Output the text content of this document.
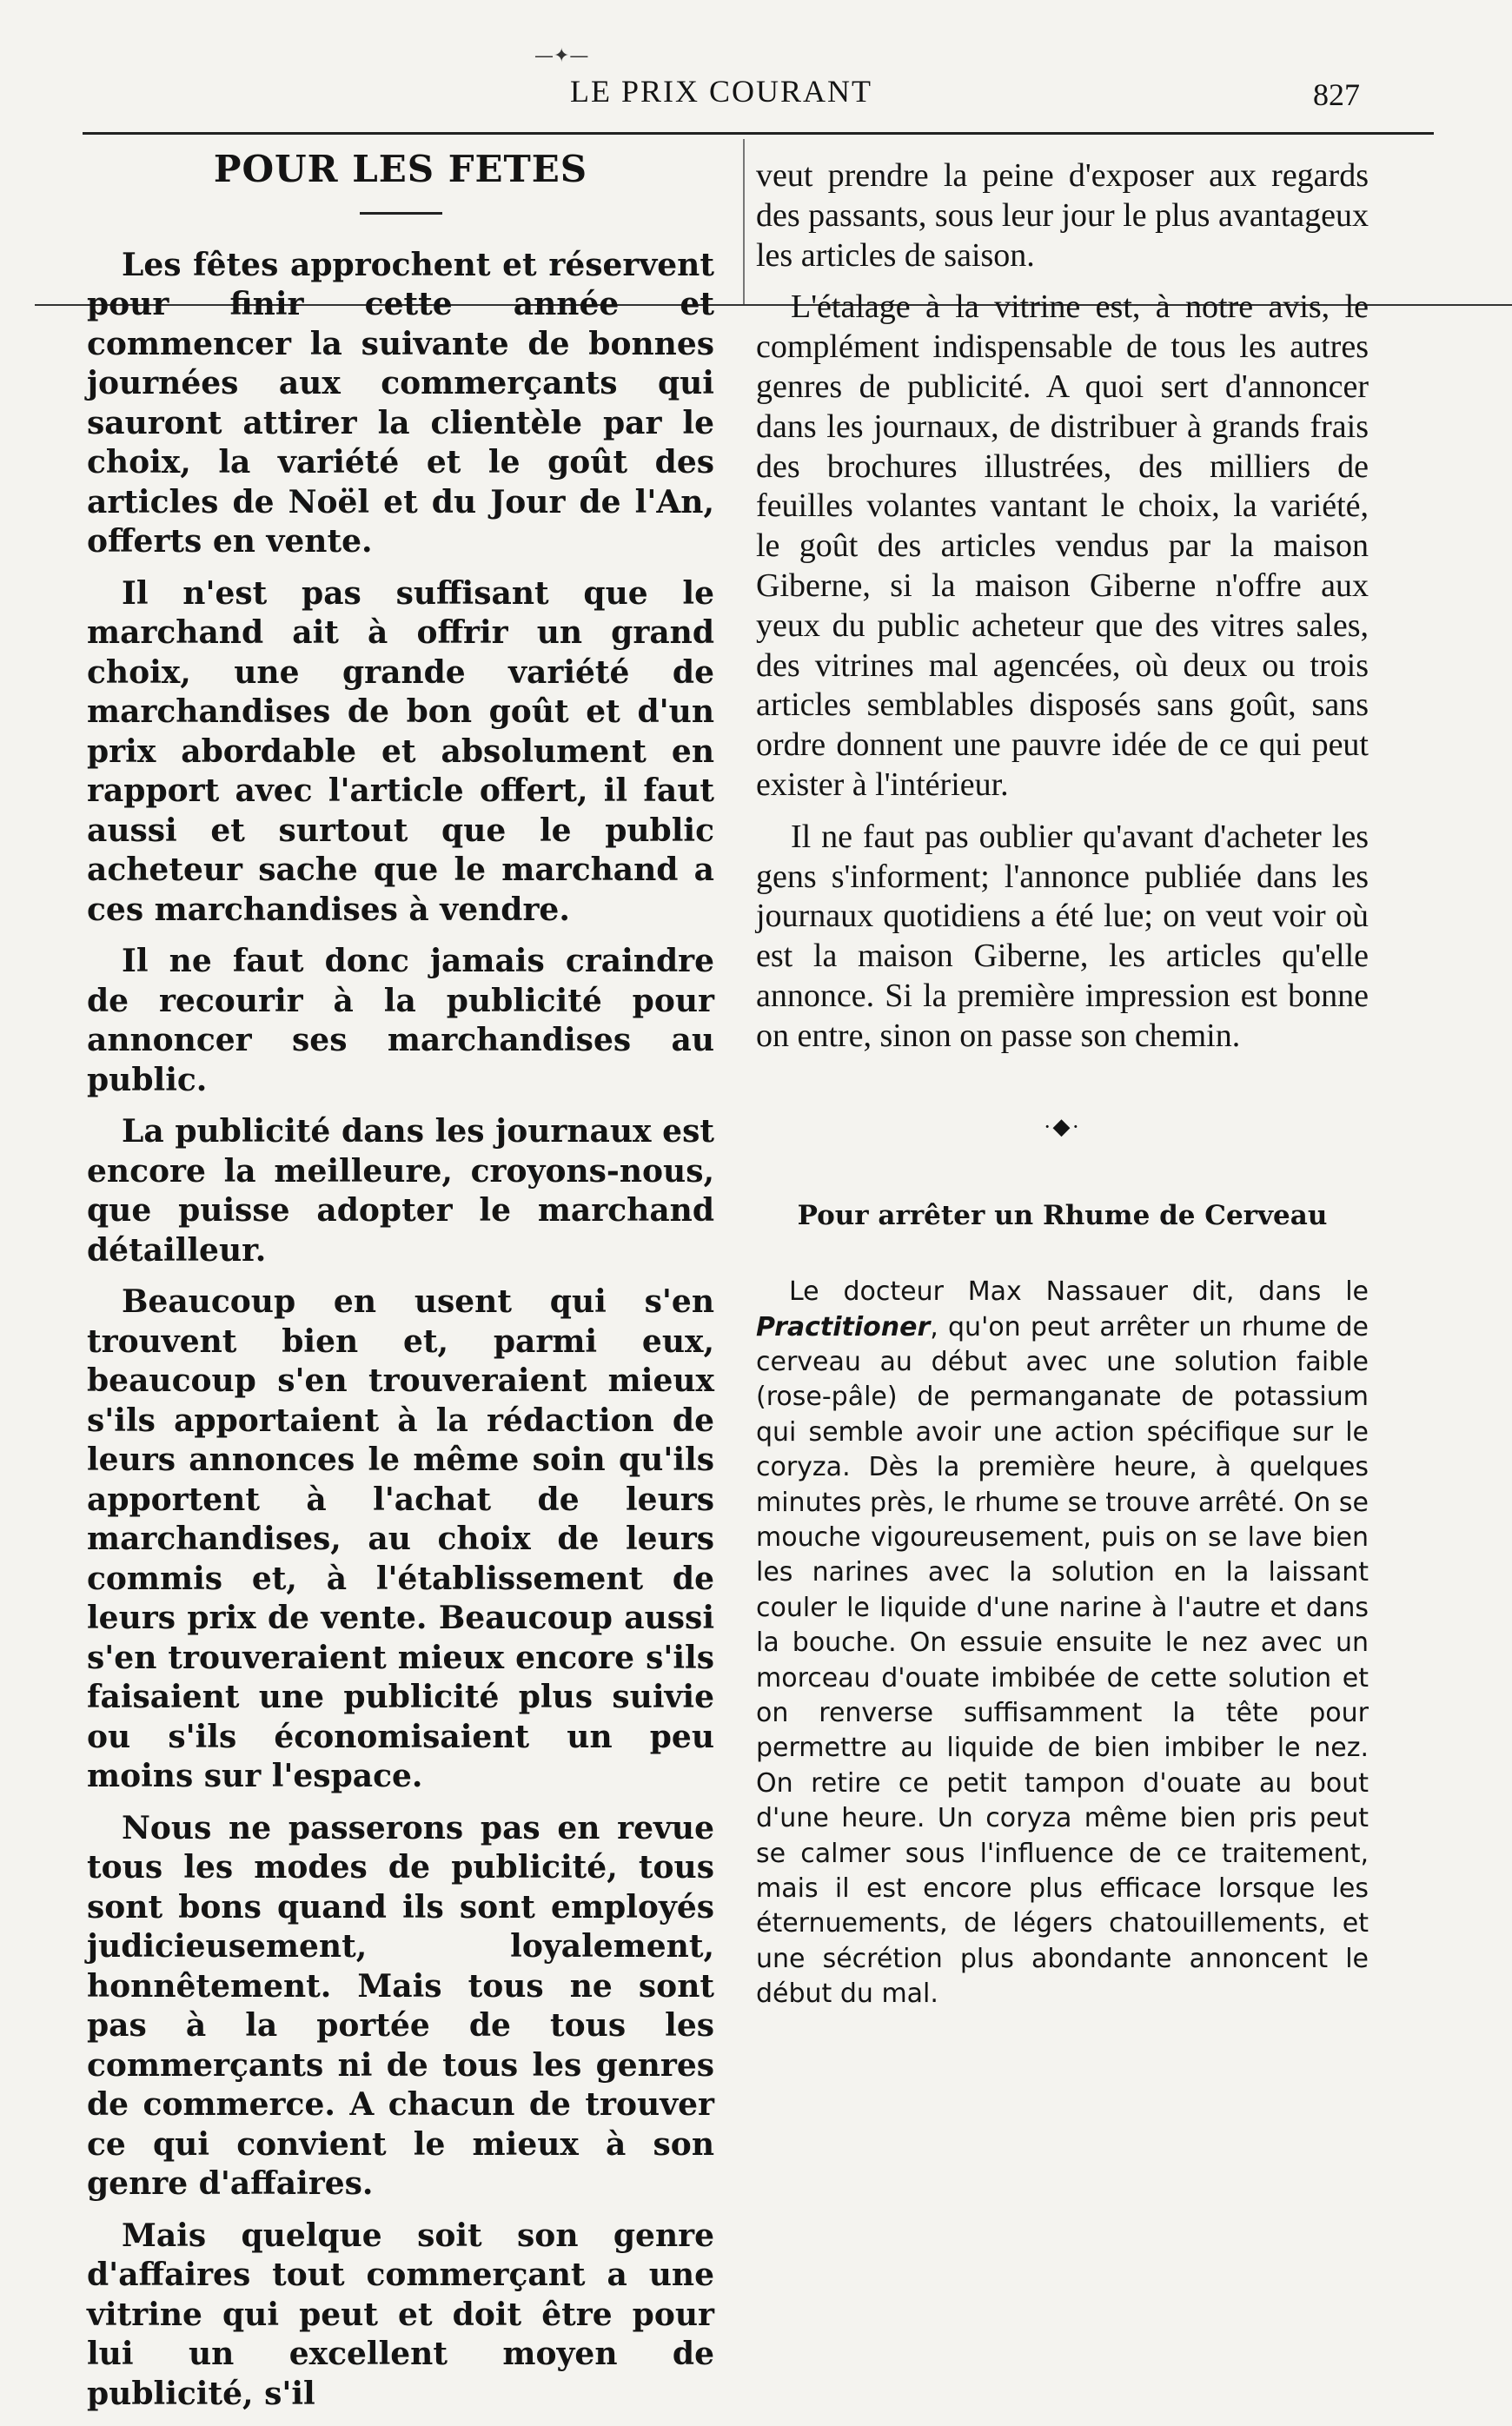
—✦—
LE PRIX COURANT	827
POUR LES FETES

Les fêtes approchent et réservent pour finir cette année et commencer la suivante de bonnes journées aux commerçants qui sauront attirer la clientèle par le choix, la variété et le goût des articles de Noël et du Jour de l'An, offerts en vente.

Il n'est pas suffisant que le marchand ait à offrir un grand choix, une grande variété de marchandises de bon goût et d'un prix abordable et absolument en rapport avec l'article offert, il faut aussi et surtout que le public acheteur sache que le marchand a ces marchandises à vendre.

Il ne faut donc jamais craindre de recourir à la publicité pour annoncer ses marchandises au public.

La publicité dans les journaux est encore la meilleure, croyons-nous, que puisse adopter le marchand détailleur.

Beaucoup en usent qui s'en trouvent bien et, parmi eux, beaucoup s'en trouveraient mieux s'ils apportaient à la rédaction de leurs annonces le même soin qu'ils apportent à l'achat de leurs marchandises, au choix de leurs commis et, à l'établissement de leurs prix de vente. Beaucoup aussi s'en trouveraient mieux encore s'ils faisaient une publicité plus suivie ou s'ils économisaient un peu moins sur l'espace.

Nous ne passerons pas en revue tous les modes de publicité, tous sont bons quand ils sont employés judicieusement, loyalement, honnêtement. Mais tous ne sont pas à la portée de tous les commerçants ni de tous les genres de commerce. A chacun de trouver ce qui convient le mieux à son genre d'affaires.

Mais quelque soit son genre d'affaires tout commerçant a une vitrine qui peut et doit être pour lui un excellent moyen de publicité, s'il

veut prendre la peine d'exposer aux regards des passants, sous leur jour le plus avantageux les articles de saison.

L'étalage à la vitrine est, à notre avis, le complément indispensable de tous les autres genres de publicité. A quoi sert d'annoncer dans les journaux, de distribuer à grands frais des brochures illustrées, des milliers de feuilles volantes vantant le choix, la variété, le goût des articles vendus par la maison Giberne, si la maison Giberne n'offre aux yeux du public acheteur que des vitres sales, des vitrines mal agencées, où deux ou trois articles semblables disposés sans goût, sans ordre donnent une pauvre idée de ce qui peut exister à l'intérieur.

Il ne faut pas oublier qu'avant d'acheter les gens s'informent; l'annonce publiée dans les journaux quotidiens a été lue; on veut voir où est la maison Giberne, les articles qu'elle annonce. Si la première impression est bonne on entre, sinon on passe son chemin.

·◆·
Pour arrêter un Rhume de Cerveau

Le docteur Max Nassauer dit, dans le Practitioner, qu'on peut arrêter un rhume de cerveau au début avec une solution faible (rose-pâle) de permanganate de potassium qui semble avoir une action spécifique sur le coryza. Dès la première heure, à quelques minutes près, le rhume se trouve arrêté. On se mouche vigoureusement, puis on se lave bien les narines avec la solution en la laissant couler le liquide d'une narine à l'autre et dans la bouche. On essuie ensuite le nez avec un morceau d'ouate imbibée de cette solution et on renverse suffisamment la tête pour permettre au liquide de bien imbiber le nez. On retire ce petit tampon d'ouate au bout d'une heure. Un coryza même bien pris peut se calmer sous l'influence de ce traitement, mais il est encore plus efficace lorsque les éternuements, de légers chatouillements, et une sécrétion plus abondante annoncent le début du mal.
